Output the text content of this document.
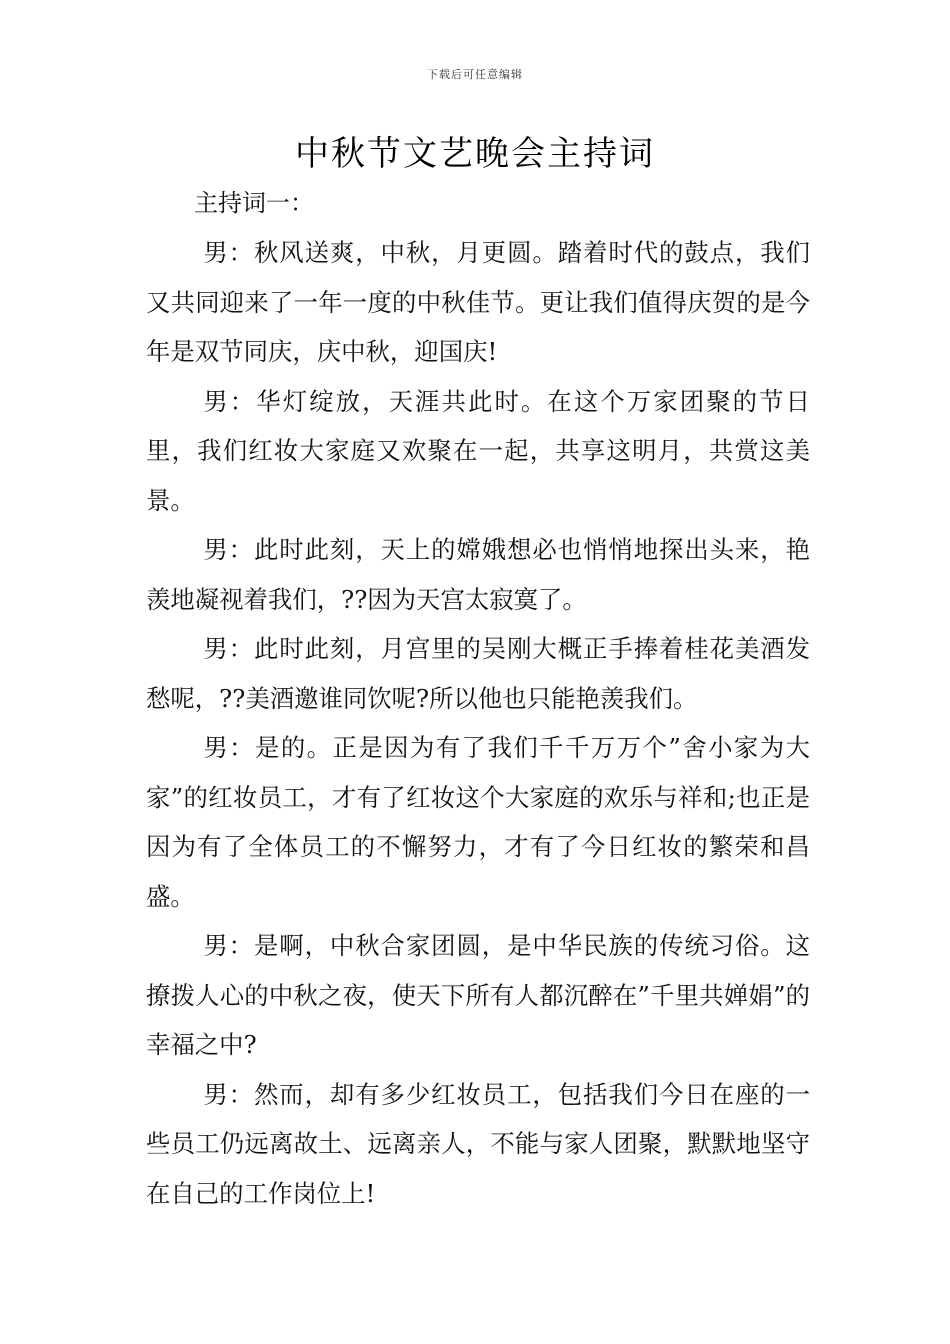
下载后可任意编辑
中秋节文艺晚会主持词

主持词一：

男：秋风送爽，中秋，月更圆。踏着时代的鼓点，我们又共同迎来了一年一度的中秋佳节。更让我们值得庆贺的是今年是双节同庆，庆中秋，迎国庆!

男：华灯绽放，天涯共此时。在这个万家团聚的节日里，我们红妆大家庭又欢聚在一起，共享这明月，共赏这美景。

男：此时此刻，天上的嫦娥想必也悄悄地探出头来，艳羡地凝视着我们，??因为天宫太寂寞了。

男：此时此刻，月宫里的吴刚大概正手捧着桂花美酒发愁呢，??美酒邀谁同饮呢?所以他也只能艳羡我们。

男：是的。正是因为有了我们千千万万个”舍小家为大家”的红妆员工，才有了红妆这个大家庭的欢乐与祥和;也正是因为有了全体员工的不懈努力，才有了今日红妆的繁荣和昌盛。

男：是啊，中秋合家团圆，是中华民族的传统习俗。这撩拨人心的中秋之夜，使天下所有人都沉醉在”千里共婵娟”的幸福之中?

男：然而，却有多少红妆员工，包括我们今日在座的一些员工仍远离故土、远离亲人，不能与家人团聚，默默地坚守在自己的工作岗位上!
